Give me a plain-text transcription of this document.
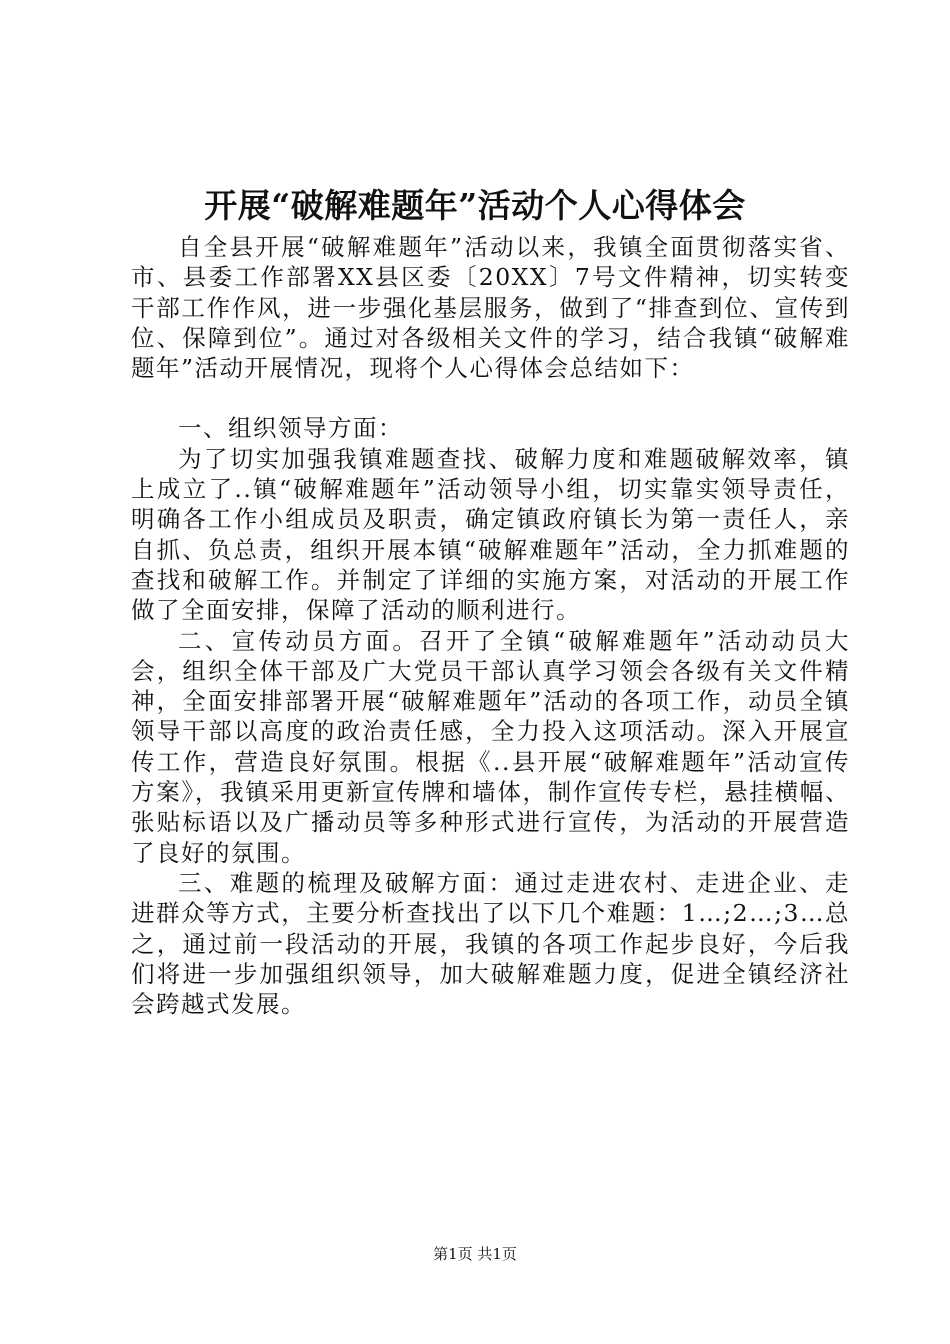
开展“破解难题年”活动个人心得体会

自全县开展“破解难题年”活动以来，我镇全面贯彻落实省、市、县委工作部署XX县区委〔20XX〕7号文件精神，切实转变干部工作作风，进一步强化基层服务，做到了“排查到位、宣传到位、保障到位”。通过对各级相关文件的学习，结合我镇“破解难题年”活动开展情况，现将个人心得体会总结如下：

一、组织领导方面：

为了切实加强我镇难题查找、破解力度和难题破解效率，镇上成立了..镇“破解难题年”活动领导小组，切实靠实领导责任，明确各工作小组成员及职责，确定镇政府镇长为第一责任人，亲自抓、负总责，组织开展本镇“破解难题年”活动，全力抓难题的查找和破解工作。并制定了详细的实施方案，对活动的开展工作做了全面安排，保障了活动的顺利进行。

二、宣传动员方面。召开了全镇“破解难题年”活动动员大会，组织全体干部及广大党员干部认真学习领会各级有关文件精神，全面安排部署开展“破解难题年”活动的各项工作，动员全镇领导干部以高度的政治责任感，全力投入这项活动。深入开展宣传工作，营造良好氛围。根据《..县开展“破解难题年”活动宣传方案》，我镇采用更新宣传牌和墙体，制作宣传专栏，悬挂横幅、张贴标语以及广播动员等多种形式进行宣传，为活动的开展营造了良好的氛围。

三、难题的梳理及破解方面：通过走进农村、走进企业、走进群众等方式，主要分析查找出了以下几个难题：1…;2…;3…总之，通过前一段活动的开展，我镇的各项工作起步良好，今后我们将进一步加强组织领导，加大破解难题力度，促进全镇经济社会跨越式发展。

第1页 共1页
